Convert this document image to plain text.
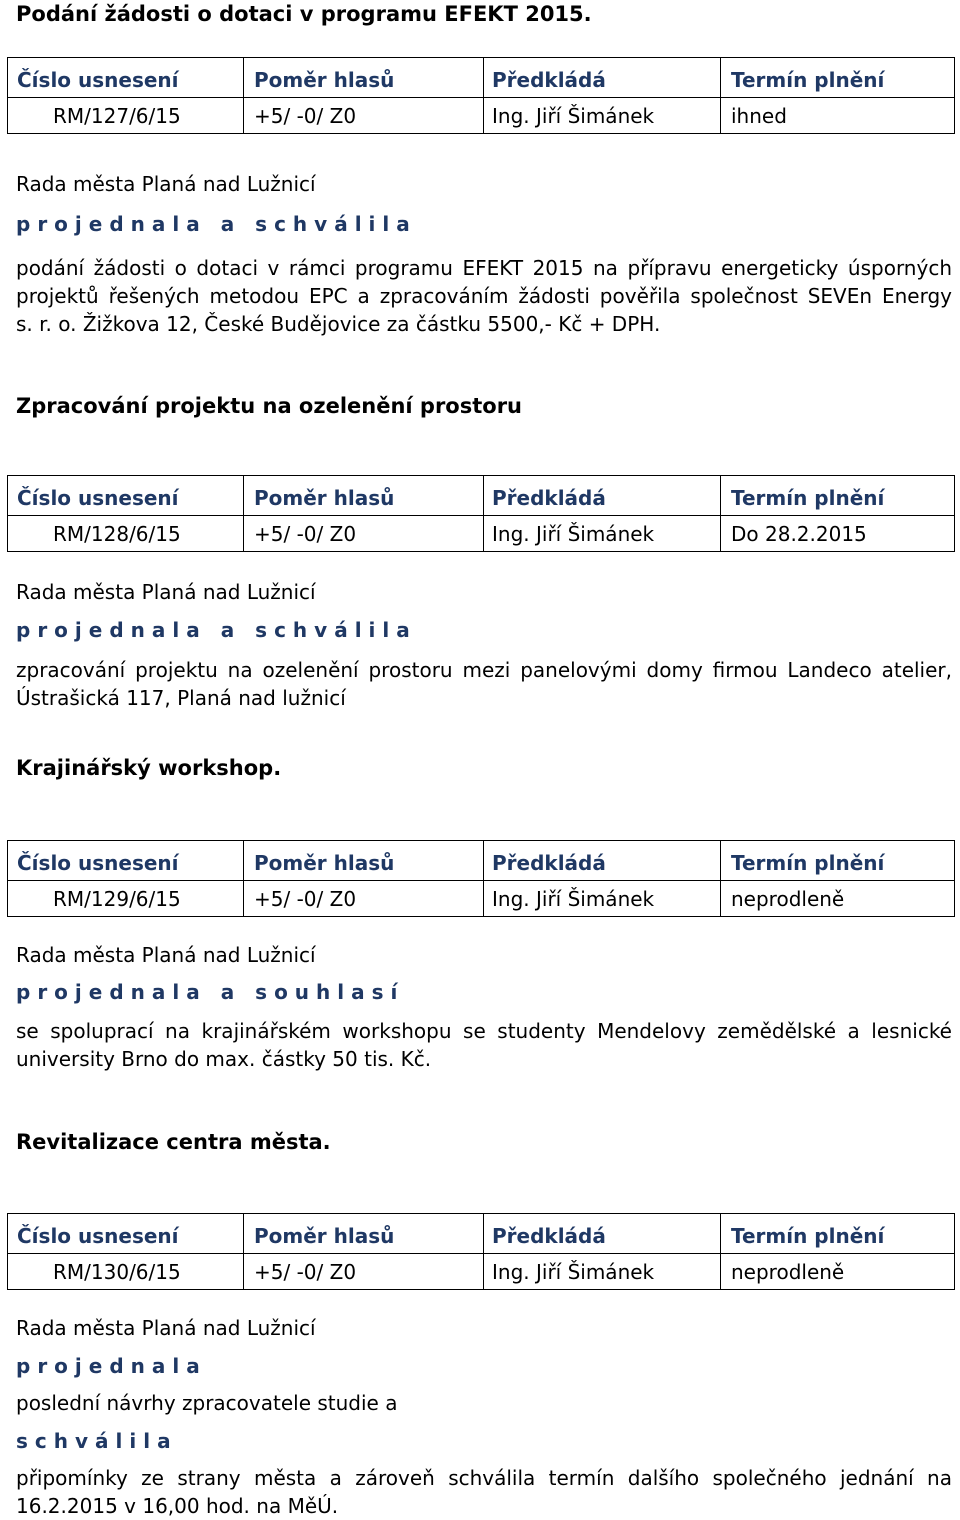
Podání žádosti o dotaci v programu EFEKT 2015.
Číslo usnesení	Poměr hlasů	Předkládá	Termín plnění
RM/127/6/15	+5/ -0/ Z0	Ing. Jiří Šimánek	ihned
Rada města Planá nad Lužnicí
projednala a schválila
podání žádosti o dotaci v rámci programu EFEKT 2015 na přípravu energeticky úsporných
projektů řešených metodou EPC a zpracováním žádosti pověřila společnost SEVEn Energy
s. r. o. Žižkova 12, České Budějovice za částku 5500,- Kč + DPH.
Zpracování projektu na ozelenění prostoru
Číslo usnesení	Poměr hlasů	Předkládá	Termín plnění
RM/128/6/15	+5/ -0/ Z0	Ing. Jiří Šimánek	Do 28.2.2015
Rada města Planá nad Lužnicí
projednala a schválila
zpracování projektu na ozelenění prostoru mezi panelovými domy firmou Landeco atelier,
Ústrašická 117, Planá nad lužnicí
Krajinářský workshop.
Číslo usnesení	Poměr hlasů	Předkládá	Termín plnění
RM/129/6/15	+5/ -0/ Z0	Ing. Jiří Šimánek	neprodleně
Rada města Planá nad Lužnicí
projednala a souhlasí
se spoluprací na krajinářském workshopu se studenty Mendelovy zemědělské a lesnické
university Brno do max. částky 50 tis. Kč.
Revitalizace centra města.
Číslo usnesení	Poměr hlasů	Předkládá	Termín plnění
RM/130/6/15	+5/ -0/ Z0	Ing. Jiří Šimánek	neprodleně
Rada města Planá nad Lužnicí
projednala
poslední návrhy zpracovatele studie a
schválila
připomínky ze strany města a zároveň schválila termín dalšího společného jednání na
16.2.2015 v 16,00 hod. na MěÚ.
